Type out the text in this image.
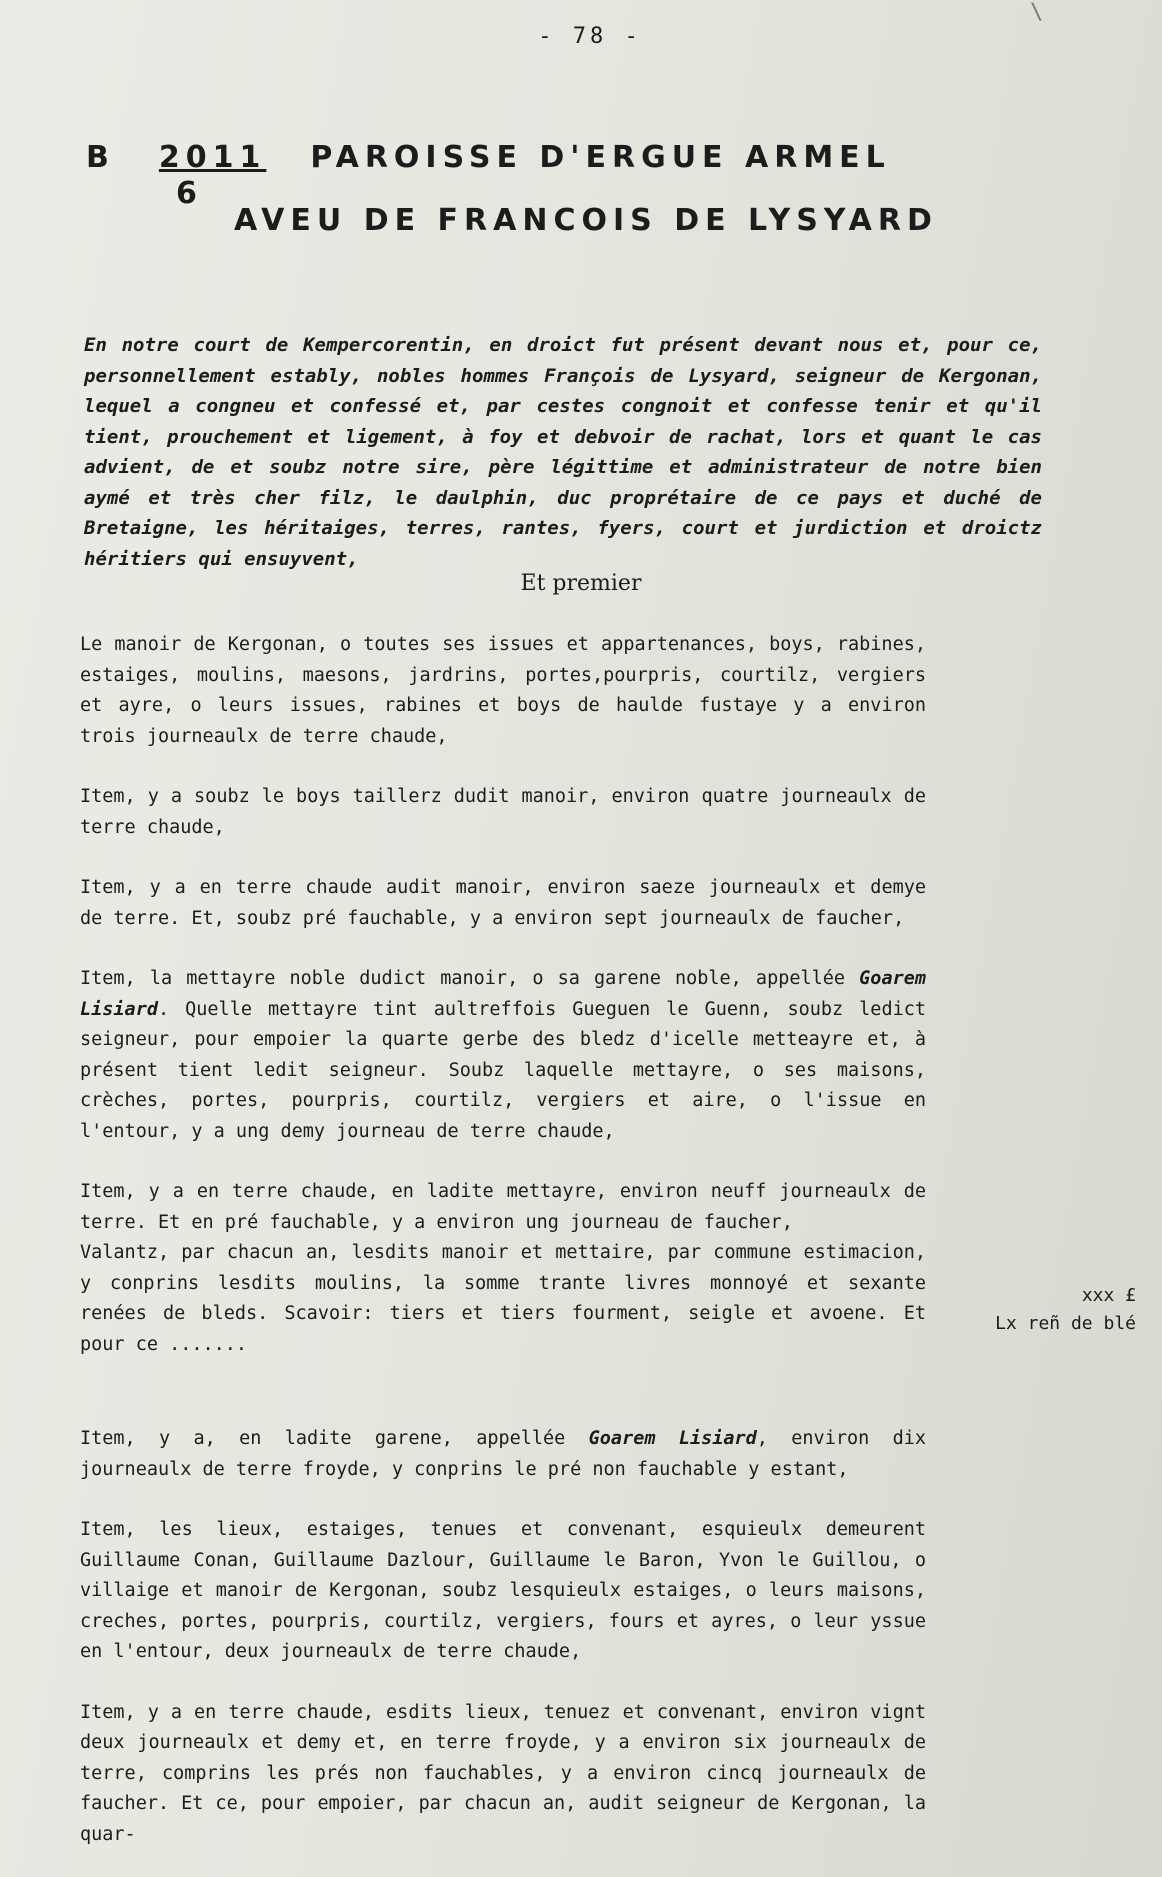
- 78 -
\
B 2011 PAROISSE D'ERGUE ARMEL
6
AVEU DE FRANCOIS DE LYSYARD
En notre court de Kempercorentin, en droict fut présent devant nous et, pour ce, personnellement estably, nobles hommes François de Lysyard, seigneur de Kergonan, lequel a congneu et confessé et, par cestes congnoit et confesse tenir et qu'il tient, prouchement et ligement, à foy et debvoir de rachat, lors et quant le cas advient, de et soubz notre sire, père légittime et administrateur de notre bien aymé et très cher filz, le daulphin, duc proprétaire de ce pays et duché de Bretaigne, les héritaiges, terres, rantes, fyers, court et jurdiction et droictz héritiers qui ensuyvent,
Et premier

Le manoir de Kergonan, o toutes ses issues et appartenances, boys, rabines, estaiges, moulins, maesons, jardrins, portes,pourpris, courtilz, vergiers et ayre, o leurs issues, rabines et boys de haulde fustaye y a environ trois journeaulx de terre chaude,

Item, y a soubz le boys taillerz dudit manoir, environ quatre journeaulx de terre chaude,

Item, y a en terre chaude audit manoir, environ saeze journeaulx et demye de terre. Et, soubz pré fauchable, y a environ sept journeaulx de faucher,

Item, la mettayre noble dudict manoir, o sa garene noble, appellée Goarem Lisiard. Quelle mettayre tint aultreffois Gueguen le Guenn, soubz ledict seigneur, pour empoier la quarte gerbe des bledz d'icelle metteayre et, à présent tient ledit seigneur. Soubz laquelle mettayre, o ses maisons, crèches, portes, pourpris, courtilz, vergiers et aire, o l'issue en l'entour, y a ung demy journeau de terre chaude,

Item, y a en terre chaude, en ladite mettayre, environ neuff journeaulx de terre. Et en pré fauchable, y a environ ung journeau de faucher,

Valantz, par chacun an, lesdits manoir et mettaire, par commune estimacion, y conprins lesdits moulins, la somme trante livres monnoyé et sexante renées de bleds. Scavoir: tiers et tiers fourment, seigle et avoene. Et pour ce .......

Item, y a, en ladite garene, appellée Goarem Lisiard, environ dix journeaulx de terre froyde, y conprins le pré non fauchable y estant,

Item, les lieux, estaiges, tenues et convenant, esquieulx demeurent Guillaume Conan, Guillaume Dazlour, Guillaume le Baron, Yvon le Guillou, o villaige et manoir de Kergonan, soubz lesquieulx estaiges, o leurs maisons, creches, portes, pourpris, courtilz, vergiers, fours et ayres, o leur yssue en l'entour, deux journeaulx de terre chaude,

Item, y a en terre chaude, esdits lieux, tenuez et convenant, environ vignt deux journeaulx et demy et, en terre froyde, y a environ six journeaulx de terre, comprins les prés non fauchables, y a environ cincq journeaulx de faucher. Et ce, pour empoier, par chacun an, audit seigneur de Kergonan, la quar-

xxx £
Lx reñ de blé
